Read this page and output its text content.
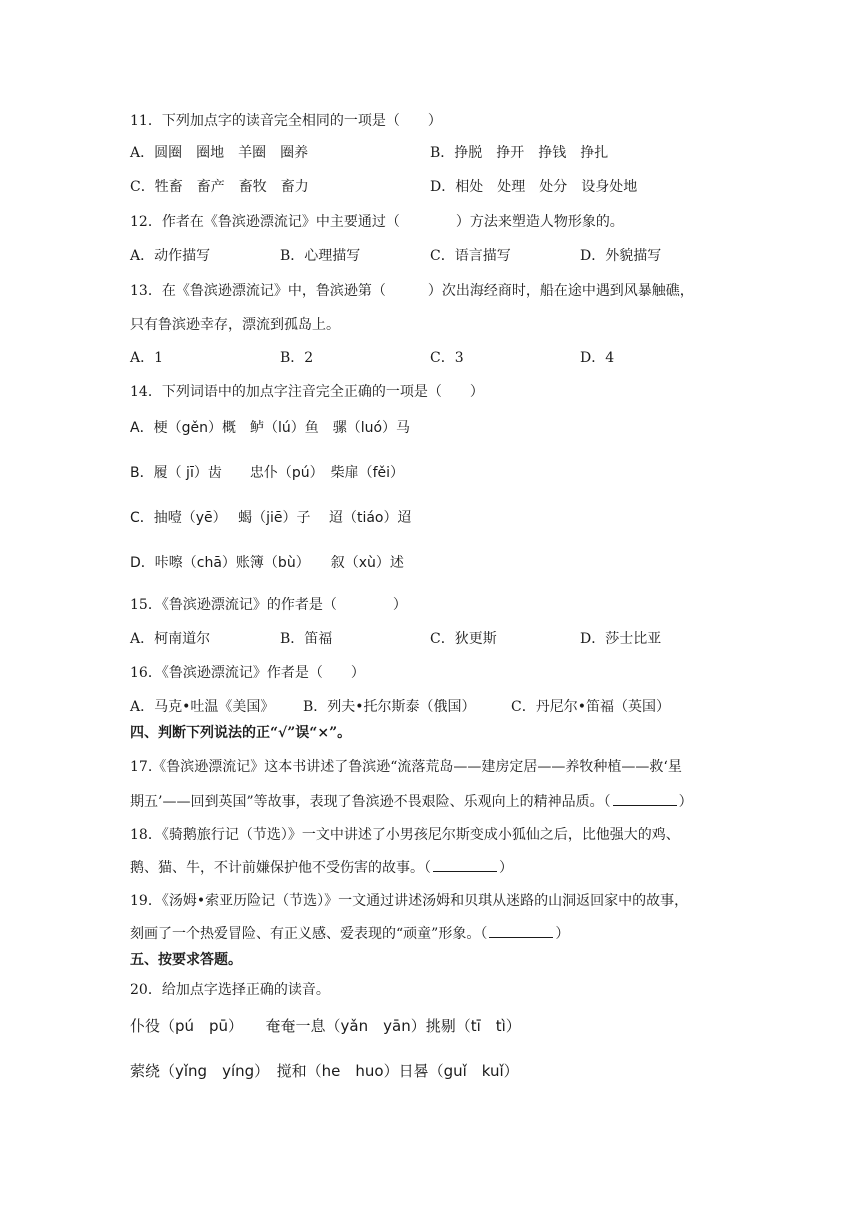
11．下列加点字的读音完全相同的一项是（　　）
A．圆圈　圈地　羊圈　圈养	B．挣脱　挣开　挣钱　挣扎
C．牲畜　畜产　畜牧　畜力	D．相处　处理　处分　设身处地
12．作者在《鲁滨逊漂流记》中主要通过（　　　　）方法来塑造人物形象的。
A．动作描写	B．心理描写	C．语言描写	D．外貌描写
13．在《鲁滨逊漂流记》中，鲁滨逊第（　　　）次出海经商时，船在途中遇到风暴触礁，
只有鲁滨逊幸存，漂流到孤岛上。
A．1	B．2	C．3	D．4
14．下列词语中的加点字注音完全正确的一项是（　　）
A．梗（gěn）概　鲈（lú）鱼　骡（luó）马
B．履（ jī）齿　　忠仆（pú）　柴扉（fěi）
C．抽噎（yē）　 蝎（jiē）子　 迢（tiáo）迢
D．咔嚓（chā）账簿（bù）　　叙（xù）述
15．《鲁滨逊漂流记》的作者是（　　　　）
A．柯南道尔	B．笛福	C．狄更斯	D．莎士比亚
16．《鲁滨逊漂流记》作者是（　　）
A．马克•吐温《美国》 B．列夫•托尔斯泰（俄国）	C．丹尼尔•笛福（英国）
四、判断下列说法的正“√”误“×”。
17.《鲁滨逊漂流记》这本书讲述了鲁滨逊“流落荒岛——建房定居——养牧种植——救‘星
期五’——回到英国”等故事，表现了鲁滨逊不畏艰险、乐观向上的精神品质。（	）
18．《骑鹅旅行记（节选）》一文中讲述了小男孩尼尔斯变成小狐仙之后，比他强大的鸡、
鹅、猫、牛，不计前嫌保护他不受伤害的故事。（	）
19．《汤姆•索亚历险记（节选）》一文通过讲述汤姆和贝琪从迷路的山洞返回家中的故事，
刻画了一个热爱冒险、有正义感、爱表现的“顽童”形象。（	）
五、按要求答题。
20．给加点字选择正确的读音。
仆役（pú　pū）　　奄奄一息（yǎn　yān）挑剔（tī　tì）
萦绕（yǐng　yíng）　搅和（he　huo）日晷（guǐ　kuǐ）
